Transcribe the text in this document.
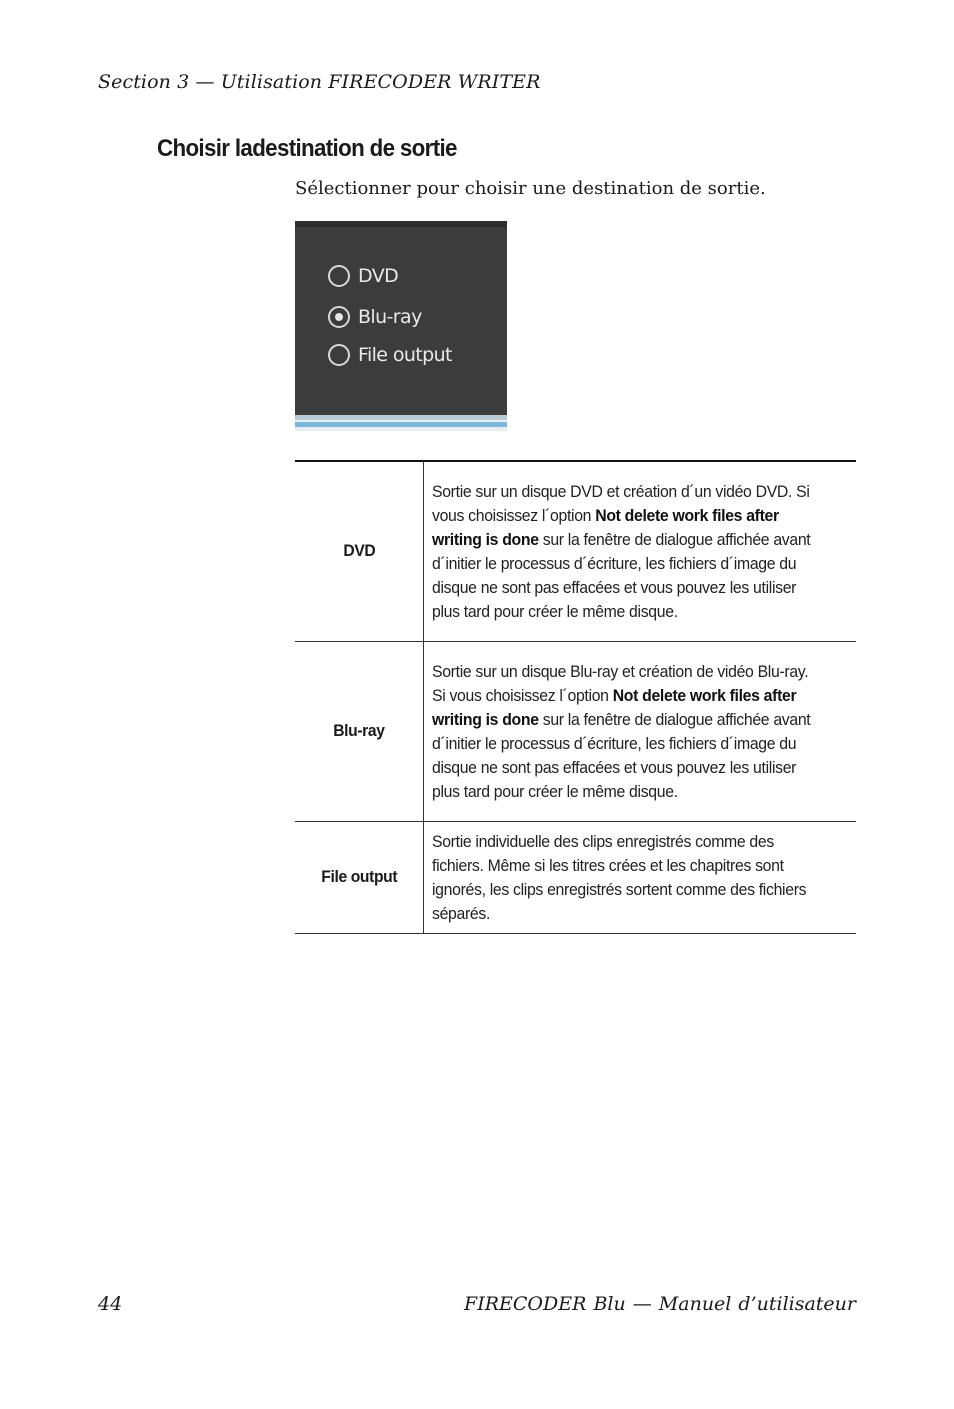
Section 3 — Utilisation FIRECODER WRITER
Choisir ladestination de sortie
Sélectionner pour choisir une destination de sortie.
DVD
Blu-ray
File output
DVD	Sortie sur un disque DVD et création d´un vidéo DVD. Si vous choisissez l´option Not delete work files after writing is done sur la fenêtre de dialogue affichée avant d´initier le processus d´écriture, les fichiers d´image du disque ne sont pas effacées et vous pouvez les utiliser plus tard pour créer le même disque.
Blu-ray	Sortie sur un disque Blu-ray et création de vidéo Blu-ray. Si vous choisissez l´option Not delete work files after writing is done sur la fenêtre de dialogue affichée avant d´initier le processus d´écriture, les fichiers d´image du disque ne sont pas effacées et vous pouvez les utiliser plus tard pour créer le même disque.
File output	Sortie individuelle des clips enregistrés comme des fichiers. Même si les titres crées et les chapitres sont ignorés, les clips enregistrés sortent comme des fichiers séparés.
44	FIRECODER Blu — Manuel d’utilisateur
